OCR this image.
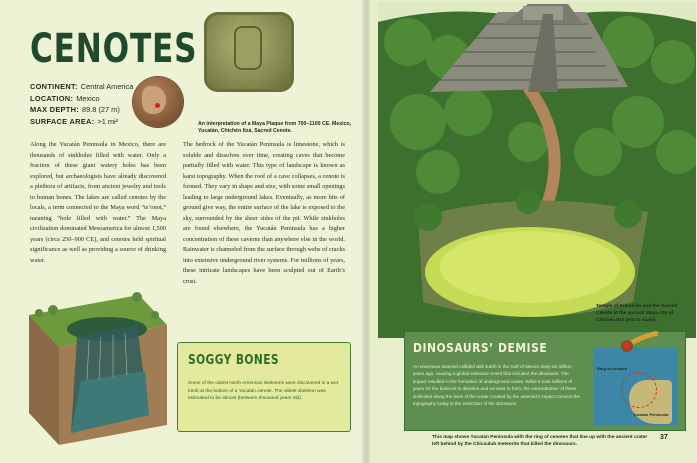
CENOTES
CONTINENT: Central America
LOCATION: Mexico
MAX DEPTH: 89.8 (27 m)
SURFACE AREA: >1 mi²	An interpretation of a Maya Plaque from 700–1100 CE. Mexico, Yucatán, Chichén Itzá, Sacred Cenote.
Along the Yucatán Peninsula in Mexico, there are thousands of sinkholes filled with water. Only a fraction of these giant watery holes has been explored, but archaeologists have already discovered a plethora of artifacts, from ancient jewelry and tools to human bones. The lakes are called cenotes by the locals, a term connected to the Maya word “ts’onot,” meaning “hole filled with water.” The Maya civilization dominated Mesoamerica for almost 1,500 years (circa 250–900 CE), and cenotes held spiritual significance as well as providing a source of drinking water.
The bedrock of the Yucatán Peninsula is limestone, which is soluble and dissolves over time, creating caves that become partially filled with water. This type of landscape is known as karst topography. When the roof of a cave collapses, a cenote is formed. They vary in shape and size, with some small openings leading to large underground lakes. Eventually, as more bits of ground give way, the entire surface of the lake is exposed to the sky, surrounded by the sheer sides of the pit. While sinkholes are found elsewhere, the Yucatán Peninsula has a higher concentration of these caverns than anywhere else in the world. Rainwater is channeled from the surface through webs of cracks into extensive underground river systems. For millions of years, these intricate landscapes have been sculpted out of Earth’s crust.
SOGGY BONES

Some of the oldest North American skeletons were discovered in a wet tomb at the bottom of a Yucatán cenote. The oldest skeleton was estimated to be almost (between thousand years old).

Temple of Kukulcán and the Sacred Cenote at the ancient Maya city of Chichén Itzá (not to scale).
DINOSAURS’ DEMISE

An enormous asteroid collided with Earth in the Gulf of Mexico sixty-six million years ago, causing a global extinction event that included the dinosaurs. The impact resulted in the formation of underground caves. While it took millions of years for the bedrock to dissolve and cenotes to form, the concentration of these sinkholes along the lines of the crater created by the asteroid’s impact connect the topography today to the extinction of the dinosaurs.

Ring of cenotes
Yucatán Peninsula
This map shows Yucatán Peninsula with the ring of cenotes that line up with the ancient crater left behind by the Chicxulub meteorite that killed the dinosaurs.
37
